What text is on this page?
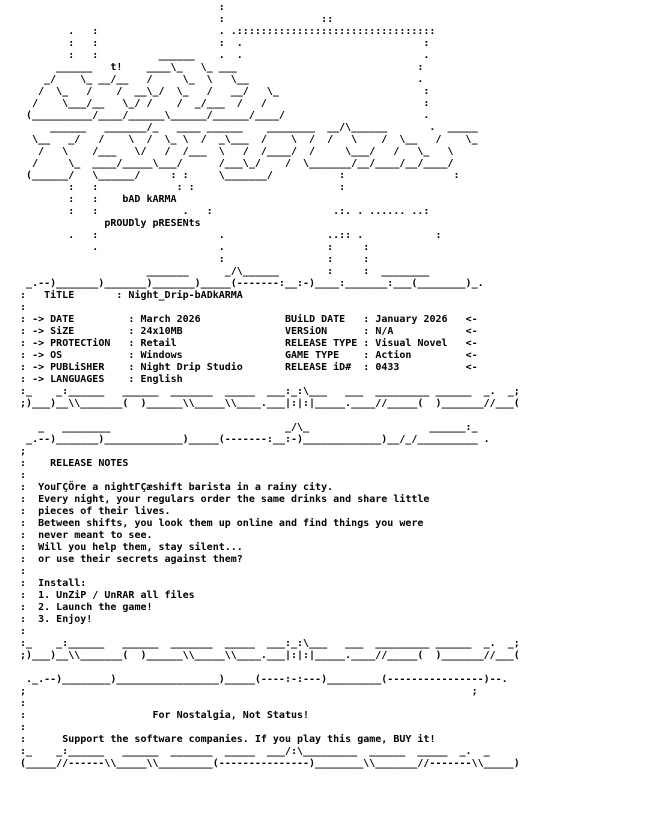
:
:                ::
.   :                    . .:::::::::::::::::::::::::::::::::
:   :                    :  .                              :
:   :          ______    .  .                              .
______   t!    ____\_   \_ ___                              :
_/    \_ __/__   /     \_  \   \__                            .
/  \_   /    /  __\_/  \_   /   __/   \_                        :
/    \___/__   \_/ /    /  _/___  /   /                          :
(__________/____/______\______/______/____/                       .
______   _______/_   ____ ______    ________  __/\______       .  _____
\__   _/   /    \  /  \_ \  /  _\___  /    \  /  /   \    /  \__   /    \_
/   \    /___   \/   /  /___  \   /  /____/  /     \___/   /   \_   \
/     \_  ____/_____\___/      /___\_/    /  \_______/__/____/__/____/
(______/   \______/     : :     \_______/           :                  :
:   :             : :                        :
:   :    bAD kARMA
:   :              .   :                    .:. . ...... ..:
pROUDly pRESENts
.   :                    .                 ..:: .            :
.                    .                 :     :
:                 :     :
_______      _/\______        :     :  ________
_.--)_______)_______)_______)_____(-------:__:-)____:_______:___(________)_.
:   TiTLE       : Night_Drip-bADkARMA
:
: -> DATE         : March 2026	BUiLD DATE   : January 2026   <-
: -> SiZE         : 24x10MB	VERSiON      : N/A            <-
: -> PROTECTiON   : Retail	RELEASE TYPE : Visual Novel   <-
: -> OS           : Windows	GAME TYPE    : Action         <-
: -> PUBLiSHER    : Night Drip Studio	RELEASE iD#  : 0433           <-
: -> LANGUAGES    : English
:_    _:______   ______  _______  _____  ___:_:\___   ___  _________ ______  _.  _;
;)___)__\\_______(  )______\\_____\\____.___|:|:|_____.____//_____(  )_______//___(

_   ________                             _/\_                    ______:_
_.--)_______)_____________)_____(-------:__:-)_____________)__/_/__________ .
;
:    RELEASE NOTES
:
:  YouΓÇÖre a nightΓÇæshift barista in a rainy city.
:  Every night, your regulars order the same drinks and share little
:  pieces of their lives.
:  Between shifts, you look them up online and find things you were
:  never meant to see.
:  Will you help them, stay silent...
:  or use their secrets against them?
:
:  Install:
:  1. UnZiP / UnRAR all files
:  2. Launch the game!
:  3. Enjoy!
:
:_    _:______   ______  _______  _____  ___:_:\___   ___  _________ ______  _.  _;
;)___)__\\_______(  )______\\_____\\____.___|:|:|_____.____//_____(  )_______//___(

._.--)________)_________________)_____(----:-:---)_________(----------------)--.
;                                                                          ;
:
:	For Nostalgia, Not Status!
:
:	Support the software companies. If you play this game, BUY it!
:_    _:______   ______  _______  _____  ___/:\_________  ______  _____  _.  _
(_____//------\\_____\\_________(---------------)________\\_______//-------\\_____)
